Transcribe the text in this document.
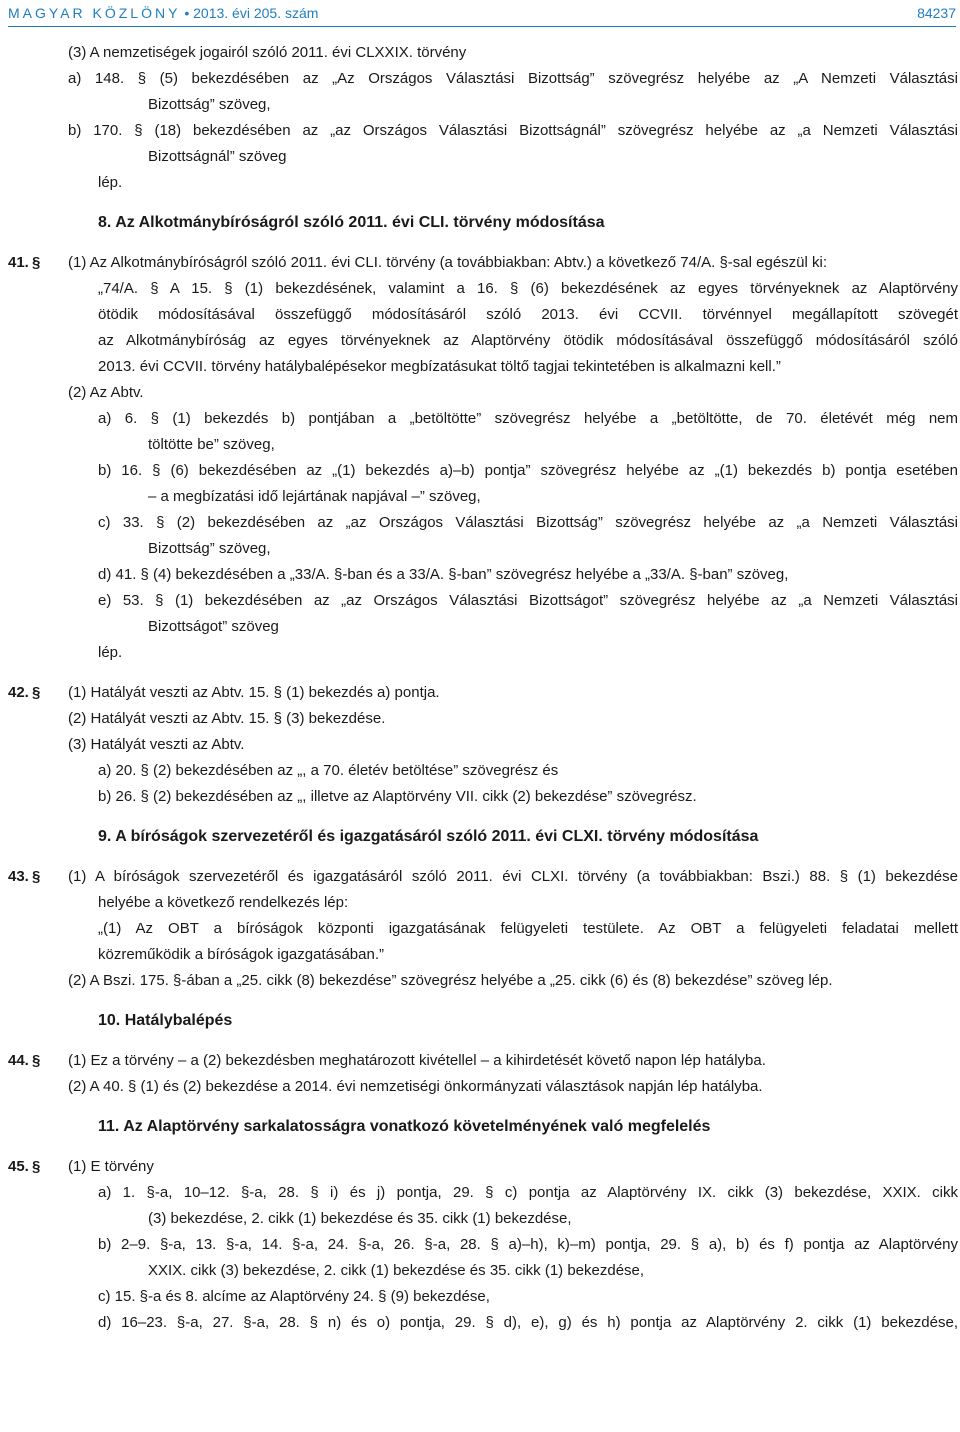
MAGYAR KÖZLÖNY • 2013. évi 205. szám	84237
(3) A nemzetiségek jogairól szóló 2011. évi CLXXIX. törvény
a) 148. § (5) bekezdésében az „Az Országos Választási Bizottság” szövegrész helyébe az „A Nemzeti Választási
Bizottság” szöveg,
b) 170. § (18) bekezdésében az „az Országos Választási Bizottságnál” szövegrész helyébe az „a Nemzeti Választási
Bizottságnál” szöveg
lép.
8. Az Alkotmánybíróságról szóló 2011. évi CLI. törvény módosítása
41. § (1) Az Alkotmánybíróságról szóló 2011. évi CLI. törvény (a továbbiakban: Abtv.) a következő 74/A. §-sal egészül ki:
„74/A. § A 15. § (1) bekezdésének, valamint a 16. § (6) bekezdésének az egyes törvényeknek az Alaptörvény
ötödik módosításával összefüggő módosításáról szóló 2013. évi CCVII. törvénnyel megállapított szövegét
az Alkotmánybíróság az egyes törvényeknek az Alaptörvény ötödik módosításával összefüggő módosításáról szóló
2013. évi CCVII. törvény hatálybalépésekor megbízatásukat töltő tagjai tekintetében is alkalmazni kell.”
(2) Az Abtv.
a) 6. § (1) bekezdés b) pontjában a „betöltötte” szövegrész helyébe a „betöltötte, de 70. életévét még nem
töltötte be” szöveg,
b) 16. § (6) bekezdésében az „(1) bekezdés a)–b) pontja” szövegrész helyébe az „(1) bekezdés b) pontja esetében
– a megbízatási idő lejártának napjával –” szöveg,
c) 33. § (2) bekezdésében az „az Országos Választási Bizottság” szövegrész helyébe az „a Nemzeti Választási
Bizottság” szöveg,
d) 41. § (4) bekezdésében a „33/A. §-ban és a 33/A. §-ban” szövegrész helyébe a „33/A. §-ban” szöveg,
e) 53. § (1) bekezdésében az „az Országos Választási Bizottságot” szövegrész helyébe az „a Nemzeti Választási
Bizottságot” szöveg
lép.
42. § (1) Hatályát veszti az Abtv. 15. § (1) bekezdés a) pontja.
(2) Hatályát veszti az Abtv. 15. § (3) bekezdése.
(3) Hatályát veszti az Abtv.
a) 20. § (2) bekezdésében az „, a 70. életév betöltése” szövegrész és
b) 26. § (2) bekezdésében az „, illetve az Alaptörvény VII. cikk (2) bekezdése” szövegrész.
9. A bíróságok szervezetéről és igazgatásáról szóló 2011. évi CLXI. törvény módosítása
43. § (1) A bíróságok szervezetéről és igazgatásáról szóló 2011. évi CLXI. törvény (a továbbiakban: Bszi.) 88. § (1) bekezdése
helyébe a következő rendelkezés lép:
„(1) Az OBT a bíróságok központi igazgatásának felügyeleti testülete. Az OBT a felügyeleti feladatai mellett
közreműködik a bíróságok igazgatásában.”
(2) A Bszi. 175. §-ában a „25. cikk (8) bekezdése” szövegrész helyébe a „25. cikk (6) és (8) bekezdése” szöveg lép.
10. Hatálybalépés
44. § (1) Ez a törvény – a (2) bekezdésben meghatározott kivétellel – a kihirdetését követő napon lép hatályba.
(2) A 40. § (1) és (2) bekezdése a 2014. évi nemzetiségi önkormányzati választások napján lép hatályba.
11. Az Alaptörvény sarkalatosságra vonatkozó követelményének való megfelelés
45. § (1) E törvény
a) 1. §-a, 10–12. §-a, 28. § i) és j) pontja, 29. § c) pontja az Alaptörvény IX. cikk (3) bekezdése, XXIX. cikk
(3) bekezdése, 2. cikk (1) bekezdése és 35. cikk (1) bekezdése,
b) 2–9. §-a, 13. §-a, 14. §-a, 24. §-a, 26. §-a, 28. § a)–h), k)–m) pontja, 29. § a), b) és f) pontja az Alaptörvény
XXIX. cikk (3) bekezdése, 2. cikk (1) bekezdése és 35. cikk (1) bekezdése,
c) 15. §-a és 8. alcíme az Alaptörvény 24. § (9) bekezdése,
d) 16–23. §-a, 27. §-a, 28. § n) és o) pontja, 29. § d), e), g) és h) pontja az Alaptörvény 2. cikk (1) bekezdése,
